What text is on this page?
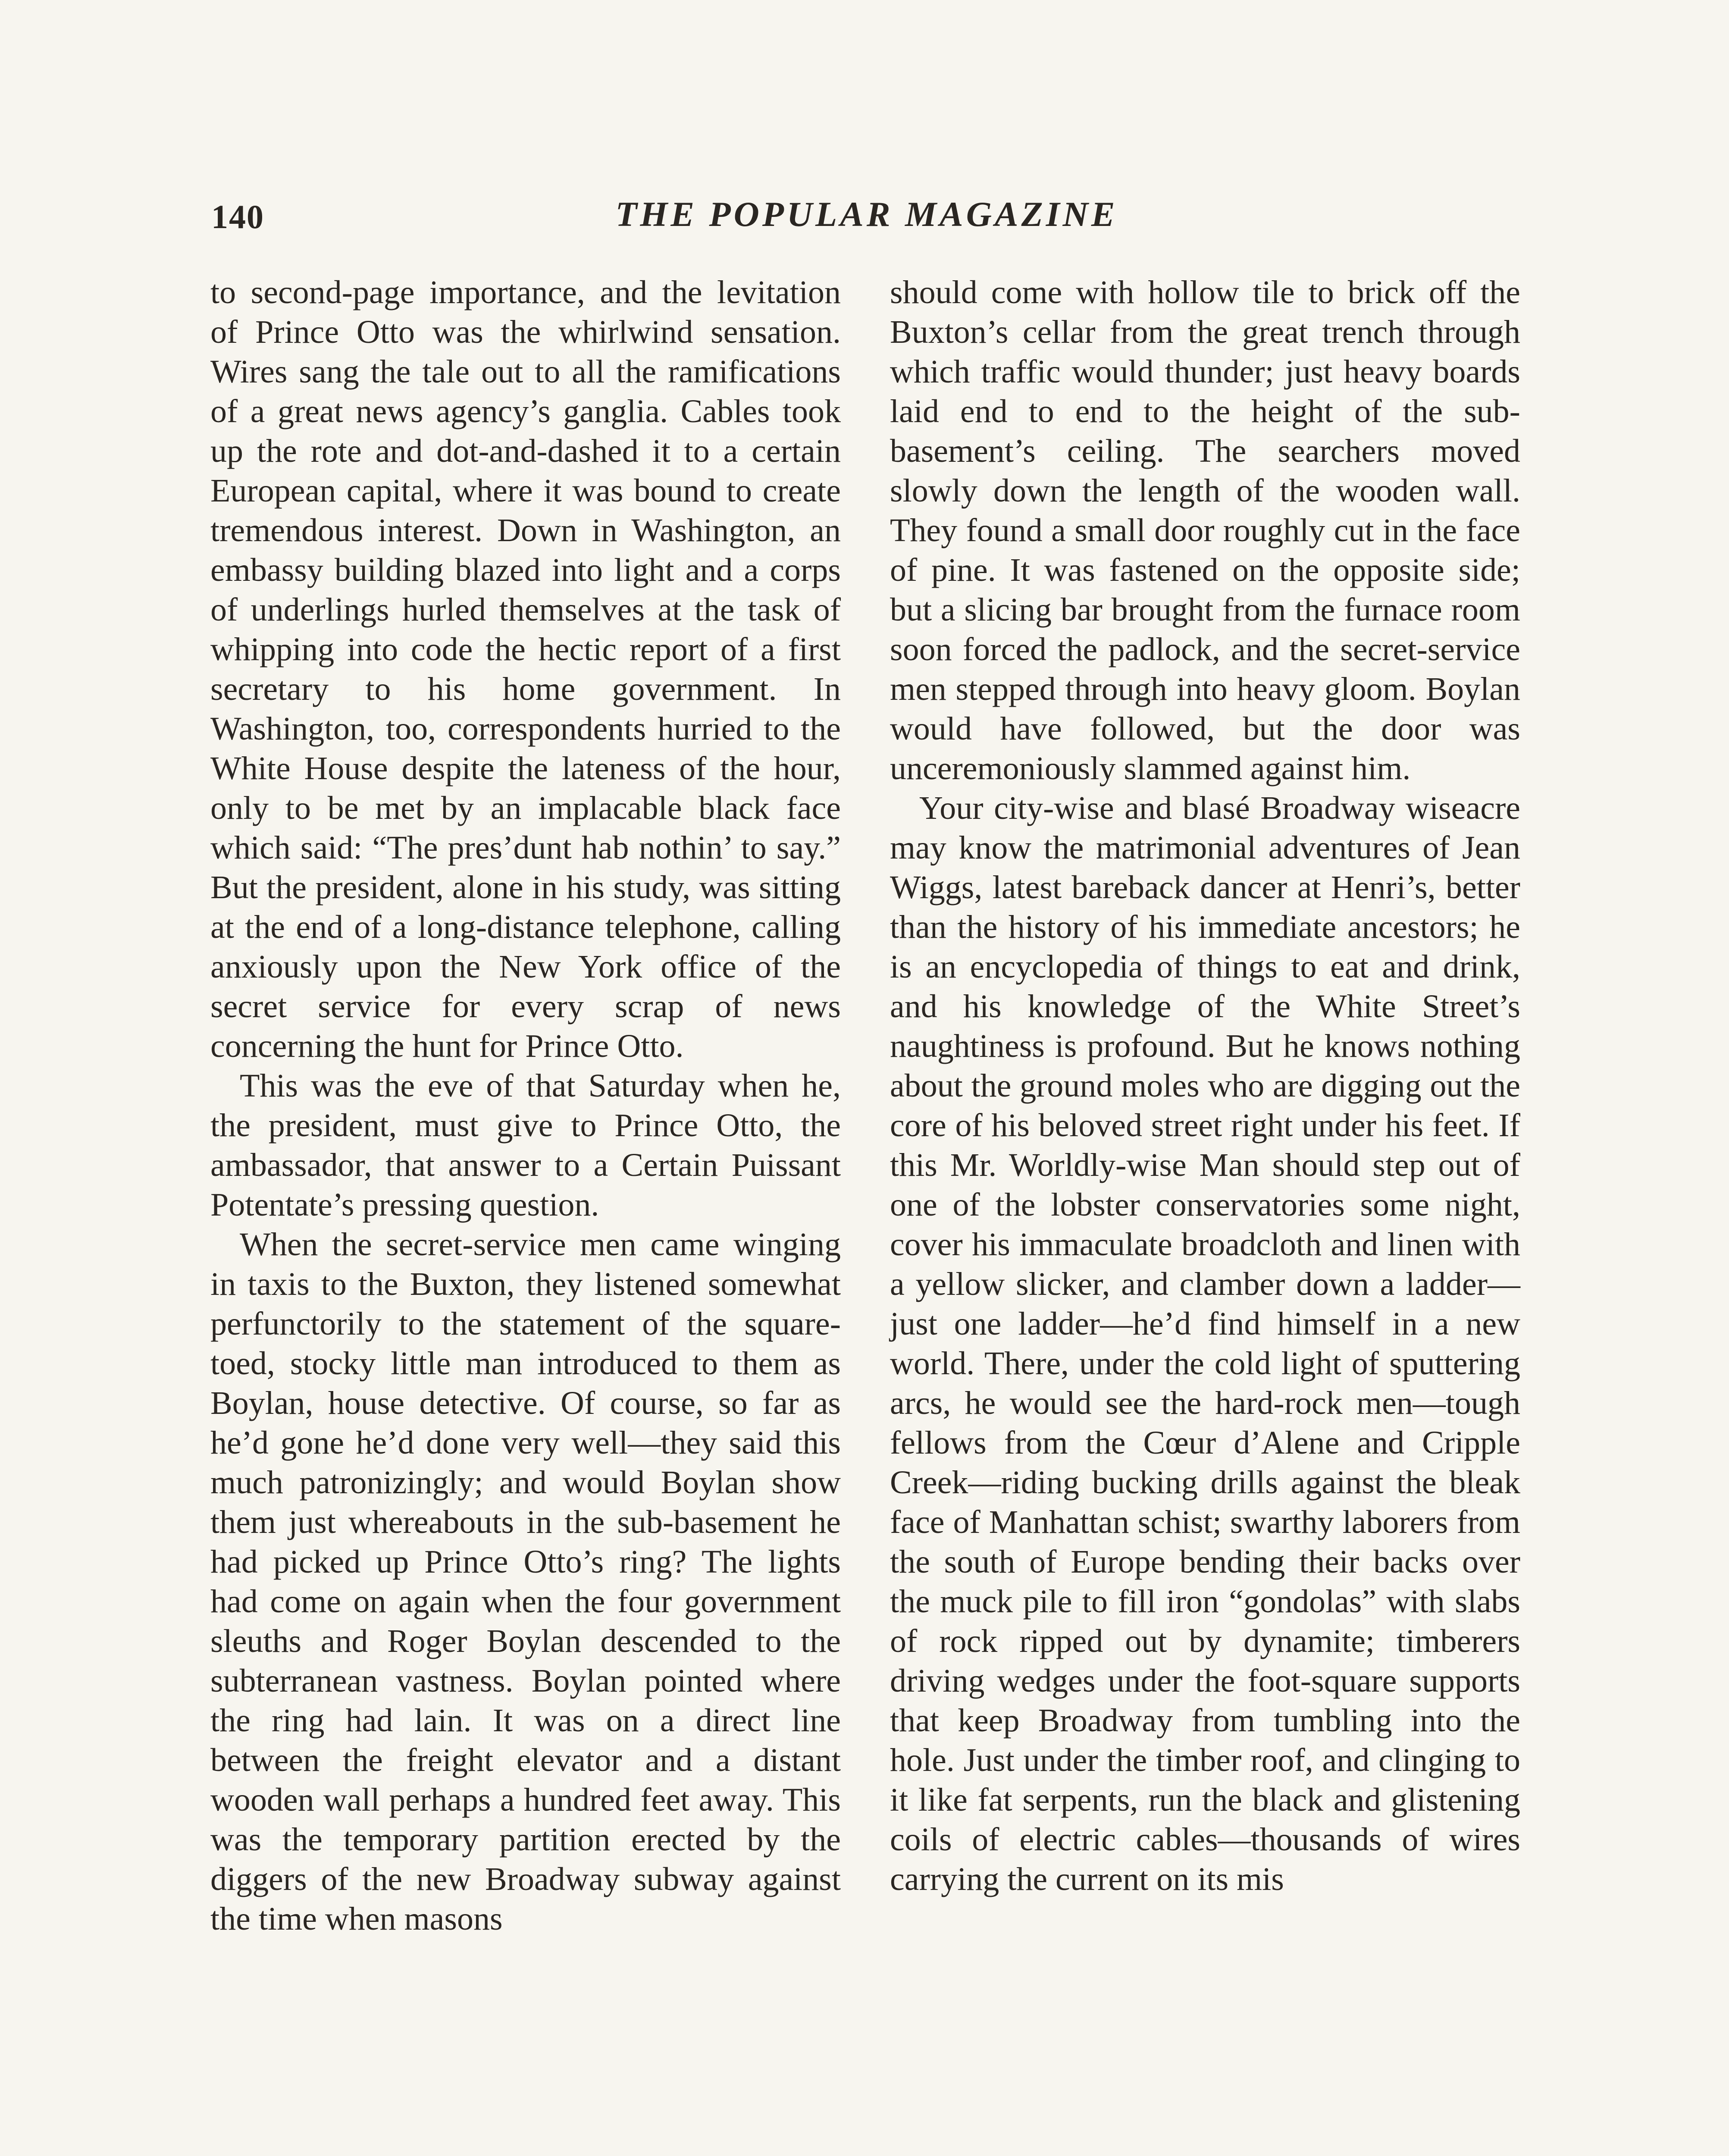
140	THE POPULAR MAGAZINE

to second-page importance, and the levitation of Prince Otto was the whirlwind sensation. Wires sang the tale out to all the ramifications of a great news agency’s ganglia. Cables took up the rote and dot-and-dashed it to a certain European capital, where it was bound to create tremendous interest. Down in Washington, an embassy building blazed into light and a corps of underlings hurled themselves at the task of whipping into code the hectic report of a first secretary to his home government. In Washington, too, correspondents hurried to the White House despite the lateness of the hour, only to be met by an implacable black face which said: “The pres’dunt hab nothin’ to say.” But the president, alone in his study, was sitting at the end of a long-distance telephone, calling anxiously upon the New York office of the secret service for every scrap of news concerning the hunt for Prince Otto.

This was the eve of that Saturday when he, the president, must give to Prince Otto, the ambassador, that answer to a Certain Puissant Potentate’s pressing question.

When the secret-service men came winging in taxis to the Buxton, they listened somewhat perfunctorily to the statement of the square-toed, stocky little man introduced to them as Boylan, house detective. Of course, so far as he’d gone he’d done very well—they said this much patronizingly; and would Boylan show them just whereabouts in the sub-basement he had picked up Prince Otto’s ring? The lights had come on again when the four government sleuths and Roger Boylan descended to the subterranean vastness. Boylan pointed where the ring had lain. It was on a direct line between the freight elevator and a distant wooden wall perhaps a hundred feet away. This was the temporary partition erected by the diggers of the new Broadway subway against the time when masons

should come with hollow tile to brick off the Buxton’s cellar from the great trench through which traffic would thunder; just heavy boards laid end to end to the height of the sub-basement’s ceiling. The searchers moved slowly down the length of the wooden wall. They found a small door roughly cut in the face of pine. It was fastened on the opposite side; but a slicing bar brought from the furnace room soon forced the padlock, and the secret-service men stepped through into heavy gloom. Boylan would have followed, but the door was unceremoniously slammed against him.

Your city-wise and blasé Broadway wiseacre may know the matrimonial adventures of Jean Wiggs, latest bareback dancer at Henri’s, better than the history of his immediate ancestors; he is an encyclopedia of things to eat and drink, and his knowledge of the White Street’s naughtiness is profound. But he knows nothing about the ground moles who are digging out the core of his beloved street right under his feet. If this Mr. Worldly-wise Man should step out of one of the lobster conservatories some night, cover his immaculate broadcloth and linen with a yellow slicker, and clamber down a ladder—just one ladder—he’d find himself in a new world. There, under the cold light of sputtering arcs, he would see the hard-rock men—tough fellows from the Cœur d’Alene and Cripple Creek—riding bucking drills against the bleak face of Manhattan schist; swarthy laborers from the south of Europe bending their backs over the muck pile to fill iron “gondolas” with slabs of rock ripped out by dynamite; timberers driving wedges under the foot-square supports that keep Broadway from tumbling into the hole. Just under the timber roof, and clinging to it like fat serpents, run the black and glistening coils of electric cables—thousands of wires carrying the current on its mis
